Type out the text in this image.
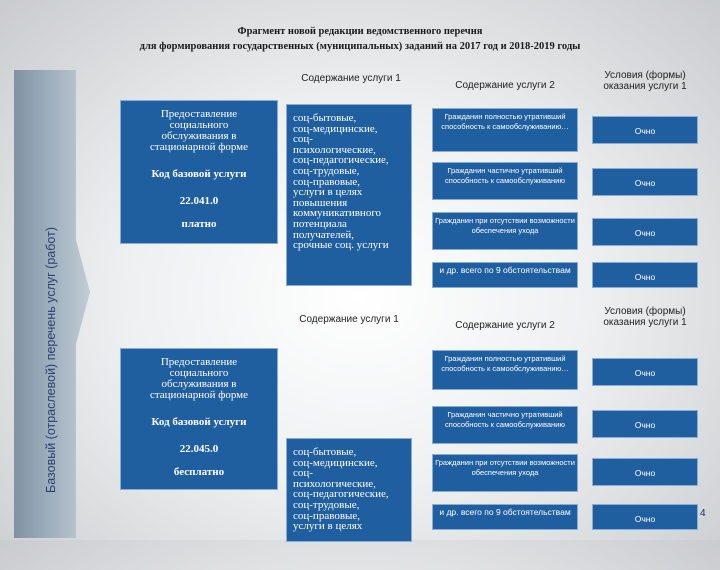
Фрагмент новой редакции ведомственного перечня
для формирования государственных (муниципальных) заданий на 2017 год и 2018-2019 годы
Базовый (отраслевой) перечень услуг (работ)
Предоставление социального обслуживания в стационарной форме
Код базовой услуги
22.041.0
платно
Содержание услуги 1
соц-бытовые,
соц-медицинские,
соц-
психологические,
соц-педагогические,
соц-трудовые,
соц-правовые,
услуги в целях
повышения
коммуникативного
потенциала
получателей,
срочные соц. услуги
Содержание услуги 2
Условия (формы) оказания услуги 1
Гражданин полностью утративший способность к самообслуживанию…
Гражданин частично утративший способность к самообслуживанию
Гражданин при отсутствии возможности обеспечения ухода
и др. всего по 9 обстоятельствам
Очно
Очно
Очно
Очно
Предоставление социального обслуживания в стационарной форме
Код базовой услуги
22.045.0
бесплатно
Содержание услуги 1
соц-бытовые,
соц-медицинские,
соц-
психологические,
соц-педагогические,
соц-трудовые,
соц-правовые,
услуги в целях
Содержание услуги 2
Условия (формы) оказания услуги 1
Гражданин полностью утративший способность к самообслуживанию…
Гражданин частично утративший способность к самообслуживанию
Гражданин при отсутствии возможности обеспечения ухода
и др. всего по 9 обстоятельствам
Очно
Очно
Очно
Очно	4
